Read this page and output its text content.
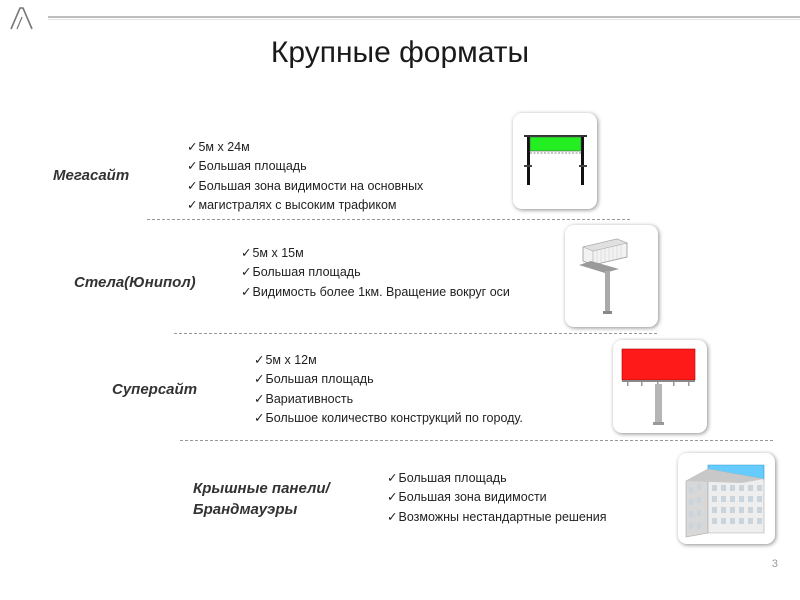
Крупные форматы
Мегасайт
✓ 5м х 24м
✓ Большая площадь
✓ Большая зона видимости на основных
✓ магистралях с высоким трафиком
Стела(Юнипол)
✓ 5м х 15м
✓ Большая площадь
✓ Видимость более 1км. Вращение вокруг оси
Суперсайт
✓ 5м х 12м
✓ Большая площадь
✓ Вариативность
✓ Большое количество конструкций по городу.
Крышные панели/
Брандмауэры
✓ Большая площадь
✓ Большая зона видимости
✓ Возможны нестандартные решения
3
